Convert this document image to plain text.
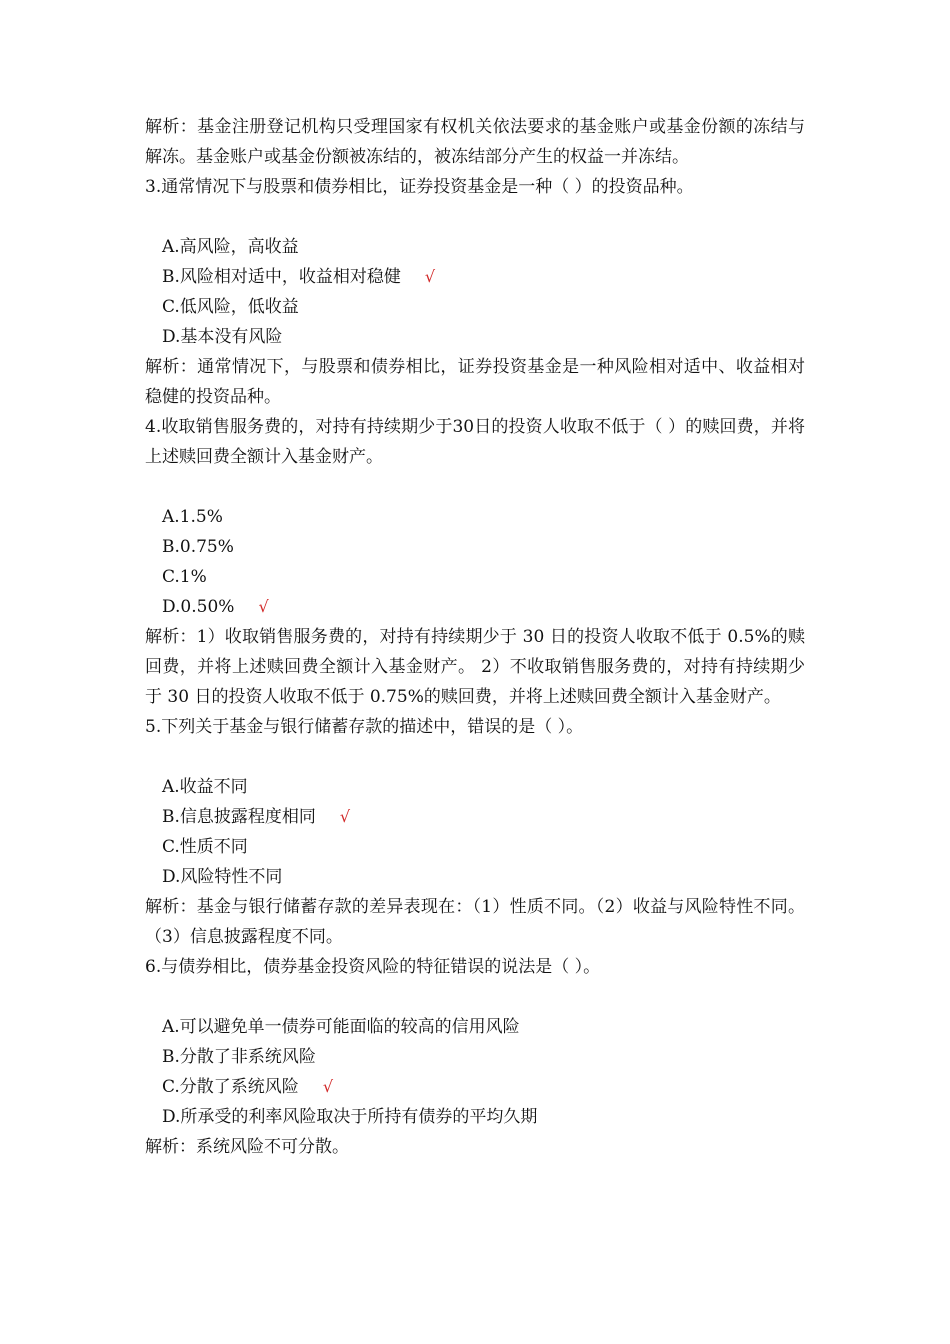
解析：基金注册登记机构只受理国家有权机关依法要求的基金账户或基金份额的冻结与解冻。基金账户或基金份额被冻结的，被冻结部分产生的权益一并冻结。

3.通常情况下与股票和债券相比，证券投资基金是一种（ ）的投资品种。

A.高风险，高收益
B.风险相对适中，收益相对稳健 √
C.低风险，低收益
D.基本没有风险

解析：通常情况下，与股票和债券相比，证券投资基金是一种风险相对适中、收益相对稳健的投资品种。

4.收取销售服务费的，对持有持续期少于30日的投资人收取不低于（ ）的赎回费，并将上述赎回费全额计入基金财产。

A.1.5%
B.0.75%
C.1%
D.0.50% √

解析：1）收取销售服务费的，对持有持续期少于 30 日的投资人收取不低于 0.5%的赎回费，并将上述赎回费全额计入基金财产。 2）不收取销售服务费的，对持有持续期少于 30 日的投资人收取不低于 0.75%的赎回费，并将上述赎回费全额计入基金财产。

5.下列关于基金与银行储蓄存款的描述中，错误的是（ ）。

A.收益不同
B.信息披露程度相同 √
C.性质不同
D.风险特性不同

解析：基金与银行储蓄存款的差异表现在：（1）性质不同。（2）收益与风险特性不同。（3）信息披露程度不同。

6.与债券相比，债券基金投资风险的特征错误的说法是（ ）。

A.可以避免单一债券可能面临的较高的信用风险
B.分散了非系统风险
C.分散了系统风险 √
D.所承受的利率风险取决于所持有债券的平均久期

解析：系统风险不可分散。
